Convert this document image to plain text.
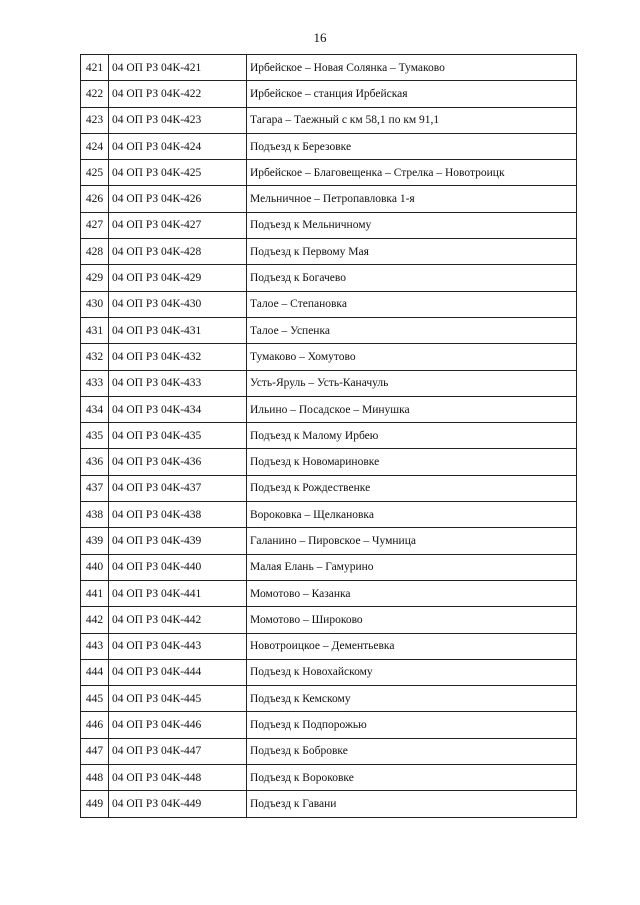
16
421	04 ОП РЗ 04К-421	Ирбейское – Новая Солянка – Тумаково
422	04 ОП РЗ 04К-422	Ирбейское – станция Ирбейская
423	04 ОП РЗ 04К-423	Тагара – Таежный с км 58,1 по км 91,1
424	04 ОП РЗ 04К-424	Подъезд к Березовке
425	04 ОП РЗ 04К-425	Ирбейское – Благовещенка – Стрелка – Новотроицк
426	04 ОП РЗ 04К-426	Мельничное – Петропавловка 1-я
427	04 ОП РЗ 04К-427	Подъезд к Мельничному
428	04 ОП РЗ 04К-428	Подъезд к Первому Мая
429	04 ОП РЗ 04К-429	Подъезд к Богачево
430	04 ОП РЗ 04К-430	Талое – Степановка
431	04 ОП РЗ 04К-431	Талое – Успенка
432	04 ОП РЗ 04К-432	Тумаково – Хомутово
433	04 ОП РЗ 04К-433	Усть-Яруль – Усть-Каначуль
434	04 ОП РЗ 04К-434	Ильино – Посадское – Минушка
435	04 ОП РЗ 04К-435	Подъезд к Малому Ирбею
436	04 ОП РЗ 04К-436	Подъезд к Новомариновке
437	04 ОП РЗ 04К-437	Подъезд к Рождественке
438	04 ОП РЗ 04К-438	Вороковка – Щелкановка
439	04 ОП РЗ 04К-439	Галанино – Пировское – Чумница
440	04 ОП РЗ 04К-440	Малая Елань – Гамурино
441	04 ОП РЗ 04К-441	Момотово – Казанка
442	04 ОП РЗ 04К-442	Момотово – Широково
443	04 ОП РЗ 04К-443	Новотроицкое – Дементьевка
444	04 ОП РЗ 04К-444	Подъезд к Новохайскому
445	04 ОП РЗ 04К-445	Подъезд к Кемскому
446	04 ОП РЗ 04К-446	Подъезд к Подпорожью
447	04 ОП РЗ 04К-447	Подъезд к Бобровке
448	04 ОП РЗ 04К-448	Подъезд к Вороковке
449	04 ОП РЗ 04К-449	Подъезд к Гавани
